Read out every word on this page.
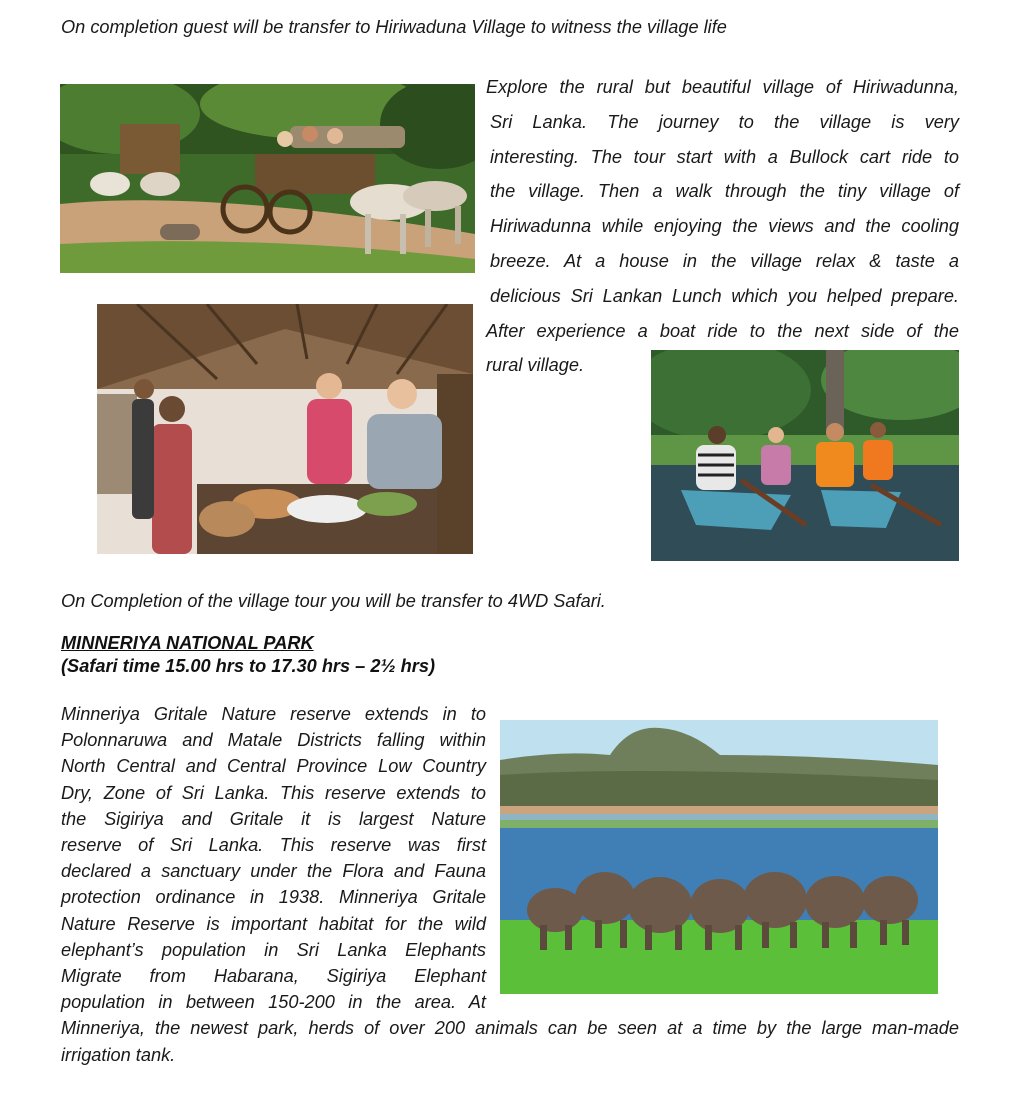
On completion guest will be transfer to Hiriwaduna Village to witness the village life
Explore the rural but beautiful village of Hiriwadunna,
Sri Lanka. The journey to the village is very
interesting. The tour start with a Bullock cart ride to
the village. Then a walk through the tiny village of
Hiriwadunna while enjoying the views and the cooling
breeze. At a house in the village relax & taste a
delicious Sri Lankan Lunch which you helped prepare.
After experience a boat ride to the next side of the
rural village.
On Completion of the village tour you will be transfer to 4WD Safari.
MINNERIYA NATIONAL PARK
(Safari time 15.00 hrs to 17.30 hrs – 2½ hrs)
Minneriya Gritale Nature reserve extends in to
Polonnaruwa and Matale Districts falling within
North Central and Central Province Low Country
Dry, Zone of Sri Lanka. This reserve extends to
the Sigiriya and Gritale it is largest Nature
reserve of Sri Lanka. This reserve was first
declared a sanctuary under the Flora and Fauna
protection ordinance in 1938. Minneriya Gritale
Nature Reserve is important habitat for the wild
elephant’s population in Sri Lanka Elephants
Migrate from Habarana, Sigiriya Elephant
population in between 150-200 in the area. At
Minneriya, the newest park, herds of over 200 animals can be seen at a time by the large man-made
irrigation tank.
